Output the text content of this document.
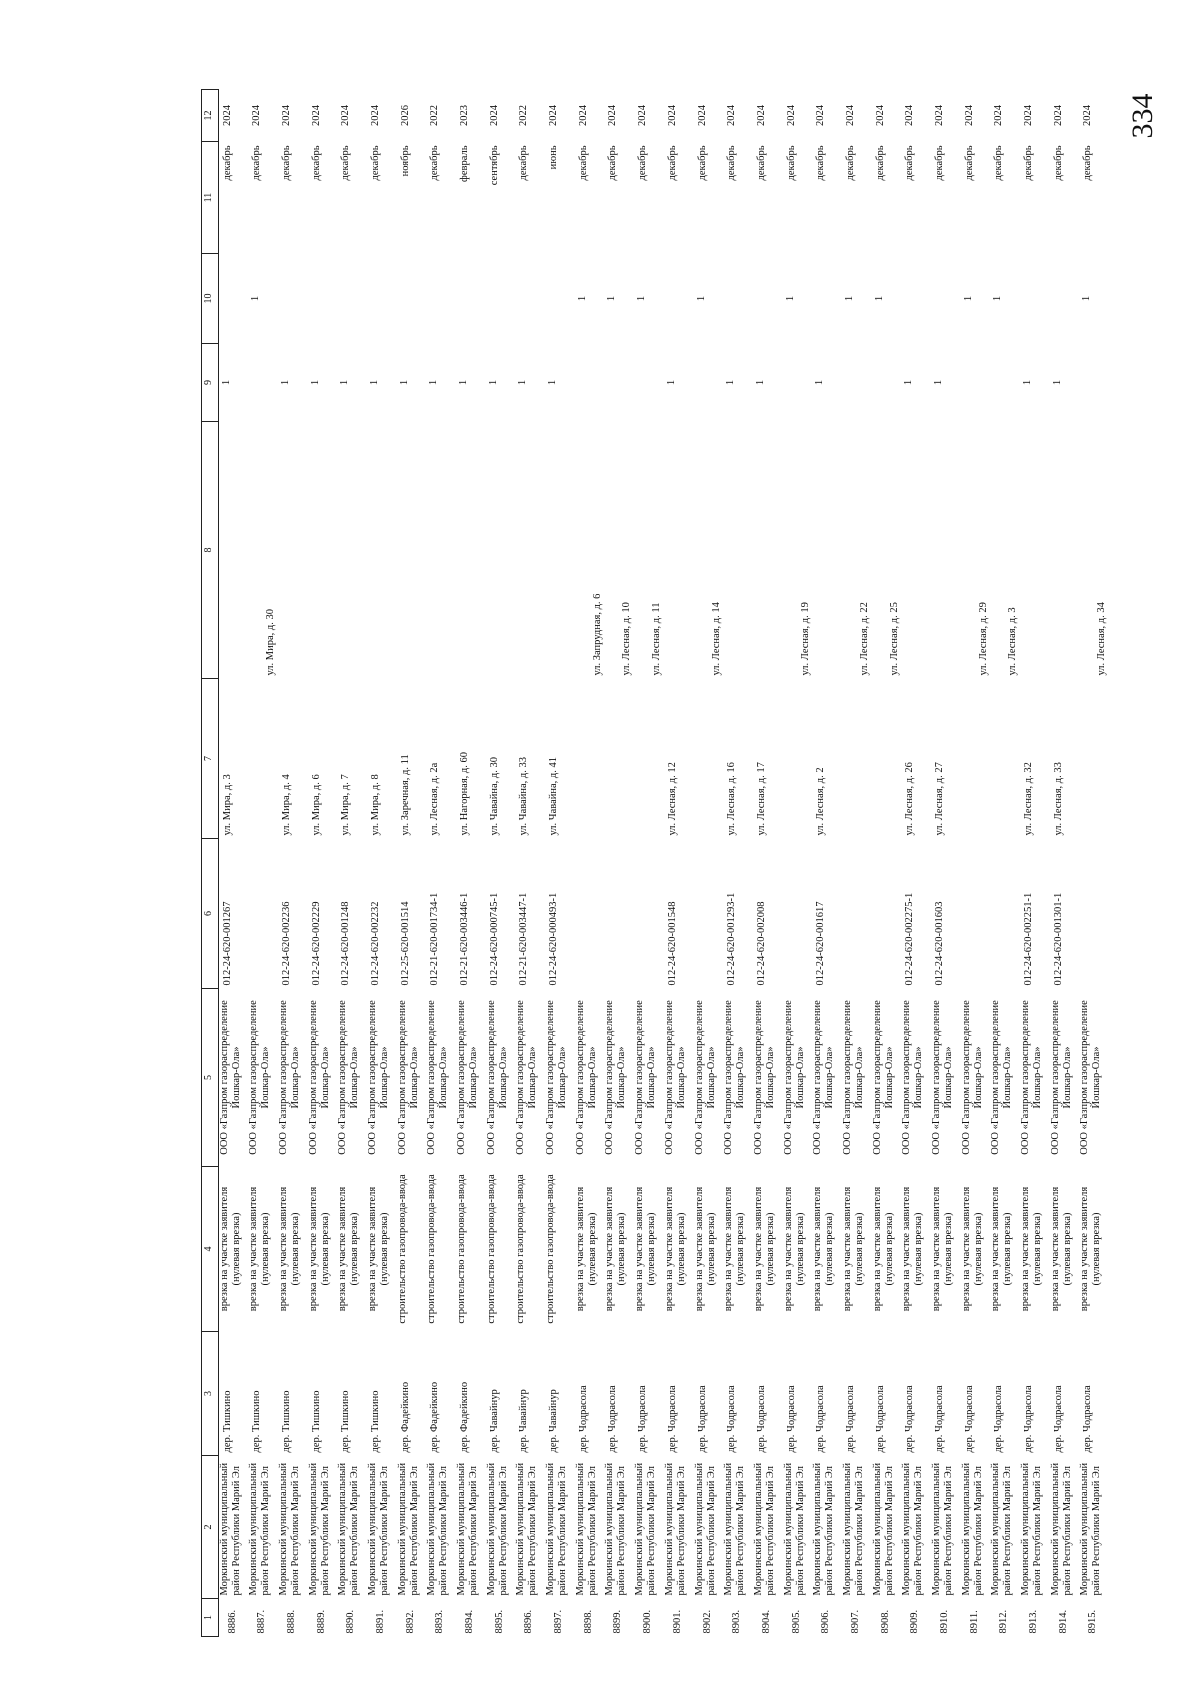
334
1	2	3	4	5	6	7	8	9	10	11	12
8886.	Моркинский муниципальный район Республики Марий Эл	дер. Тишкино	врезка на участке заявителя (нулевая врезка)	ООО «Газпром газораспределение Йошкар-Ола»	012-24-620-001267	ул. Мира, д. 3		1		декабрь	2024
8887.	Моркинский муниципальный район Республики Марий Эл	дер. Тишкино	врезка на участке заявителя (нулевая врезка)	ООО «Газпром газораспределение Йошкар-Ола»			ул. Мира, д. 30		1	декабрь	2024
8888.	Моркинский муниципальный район Республики Марий Эл	дер. Тишкино	врезка на участке заявителя (нулевая врезка)	ООО «Газпром газораспределение Йошкар-Ола»	012-24-620-002236	ул. Мира, д. 4		1		декабрь	2024
8889.	Моркинский муниципальный район Республики Марий Эл	дер. Тишкино	врезка на участке заявителя (нулевая врезка)	ООО «Газпром газораспределение Йошкар-Ола»	012-24-620-002229	ул. Мира, д. 6		1		декабрь	2024
8890.	Моркинский муниципальный район Республики Марий Эл	дер. Тишкино	врезка на участке заявителя (нулевая врезка)	ООО «Газпром газораспределение Йошкар-Ола»	012-24-620-001248	ул. Мира, д. 7		1		декабрь	2024
8891.	Моркинский муниципальный район Республики Марий Эл	дер. Тишкино	врезка на участке заявителя (нулевая врезка)	ООО «Газпром газораспределение Йошкар-Ола»	012-24-620-002232	ул. Мира, д. 8		1		декабрь	2024
8892.	Моркинский муниципальный район Республики Марий Эл	дер. Фадейкино	строительство газопровода-ввода	ООО «Газпром газораспределение Йошкар-Ола»	012-25-620-001514	ул. Заречная, д. 11		1		ноябрь	2026
8893.	Моркинский муниципальный район Республики Марий Эл	дер. Фадейкино	строительство газопровода-ввода	ООО «Газпром газораспределение Йошкар-Ола»	012-21-620-001734-1	ул. Лесная, д. 2а		1		декабрь	2022
8894.	Моркинский муниципальный район Республики Марий Эл	дер. Фадейкино	строительство газопровода-ввода	ООО «Газпром газораспределение Йошкар-Ола»	012-21-620-003446-1	ул. Нагорная, д. 60		1		февраль	2023
8895.	Моркинский муниципальный район Республики Марий Эл	дер. Чавайнур	строительство газопровода-ввода	ООО «Газпром газораспределение Йошкар-Ола»	012-24-620-000745-1	ул. Чавайна, д. 30		1		сентябрь	2024
8896.	Моркинский муниципальный район Республики Марий Эл	дер. Чавайнур	строительство газопровода-ввода	ООО «Газпром газораспределение Йошкар-Ола»	012-21-620-003447-1	ул. Чавайна, д. 33		1		декабрь	2022
8897.	Моркинский муниципальный район Республики Марий Эл	дер. Чавайнур	строительство газопровода-ввода	ООО «Газпром газораспределение Йошкар-Ола»	012-24-620-000493-1	ул. Чавайна, д. 41		1		июнь	2024
8898.	Моркинский муниципальный район Республики Марий Эл	дер. Чодрасола	врезка на участке заявителя (нулевая врезка)	ООО «Газпром газораспределение Йошкар-Ола»			ул. Запрудная, д. 6		1	декабрь	2024
8899.	Моркинский муниципальный район Республики Марий Эл	дер. Чодрасола	врезка на участке заявителя (нулевая врезка)	ООО «Газпром газораспределение Йошкар-Ола»			ул. Лесная, д. 10		1	декабрь	2024
8900.	Моркинский муниципальный район Республики Марий Эл	дер. Чодрасола	врезка на участке заявителя (нулевая врезка)	ООО «Газпром газораспределение Йошкар-Ола»			ул. Лесная, д. 11		1	декабрь	2024
8901.	Моркинский муниципальный район Республики Марий Эл	дер. Чодрасола	врезка на участке заявителя (нулевая врезка)	ООО «Газпром газораспределение Йошкар-Ола»	012-24-620-001548	ул. Лесная, д. 12		1		декабрь	2024
8902.	Моркинский муниципальный район Республики Марий Эл	дер. Чодрасола	врезка на участке заявителя (нулевая врезка)	ООО «Газпром газораспределение Йошкар-Ола»			ул. Лесная, д. 14		1	декабрь	2024
8903.	Моркинский муниципальный район Республики Марий Эл	дер. Чодрасола	врезка на участке заявителя (нулевая врезка)	ООО «Газпром газораспределение Йошкар-Ола»	012-24-620-001293-1	ул. Лесная, д. 16		1		декабрь	2024
8904.	Моркинский муниципальный район Республики Марий Эл	дер. Чодрасола	врезка на участке заявителя (нулевая врезка)	ООО «Газпром газораспределение Йошкар-Ола»	012-24-620-002008	ул. Лесная, д. 17		1		декабрь	2024
8905.	Моркинский муниципальный район Республики Марий Эл	дер. Чодрасола	врезка на участке заявителя (нулевая врезка)	ООО «Газпром газораспределение Йошкар-Ола»			ул. Лесная, д. 19		1	декабрь	2024
8906.	Моркинский муниципальный район Республики Марий Эл	дер. Чодрасола	врезка на участке заявителя (нулевая врезка)	ООО «Газпром газораспределение Йошкар-Ола»	012-24-620-001617	ул. Лесная, д. 2		1		декабрь	2024
8907.	Моркинский муниципальный район Республики Марий Эл	дер. Чодрасола	врезка на участке заявителя (нулевая врезка)	ООО «Газпром газораспределение Йошкар-Ола»			ул. Лесная, д. 22		1	декабрь	2024
8908.	Моркинский муниципальный район Республики Марий Эл	дер. Чодрасола	врезка на участке заявителя (нулевая врезка)	ООО «Газпром газораспределение Йошкар-Ола»			ул. Лесная, д. 25		1	декабрь	2024
8909.	Моркинский муниципальный район Республики Марий Эл	дер. Чодрасола	врезка на участке заявителя (нулевая врезка)	ООО «Газпром газораспределение Йошкар-Ола»	012-24-620-002275-1	ул. Лесная, д. 26		1		декабрь	2024
8910.	Моркинский муниципальный район Республики Марий Эл	дер. Чодрасола	врезка на участке заявителя (нулевая врезка)	ООО «Газпром газораспределение Йошкар-Ола»	012-24-620-001603	ул. Лесная, д. 27		1		декабрь	2024
8911.	Моркинский муниципальный район Республики Марий Эл	дер. Чодрасола	врезка на участке заявителя (нулевая врезка)	ООО «Газпром газораспределение Йошкар-Ола»			ул. Лесная, д. 29		1	декабрь	2024
8912.	Моркинский муниципальный район Республики Марий Эл	дер. Чодрасола	врезка на участке заявителя (нулевая врезка)	ООО «Газпром газораспределение Йошкар-Ола»			ул. Лесная, д. 3		1	декабрь	2024
8913.	Моркинский муниципальный район Республики Марий Эл	дер. Чодрасола	врезка на участке заявителя (нулевая врезка)	ООО «Газпром газораспределение Йошкар-Ола»	012-24-620-002251-1	ул. Лесная, д. 32		1		декабрь	2024
8914.	Моркинский муниципальный район Республики Марий Эл	дер. Чодрасола	врезка на участке заявителя (нулевая врезка)	ООО «Газпром газораспределение Йошкар-Ола»	012-24-620-001301-1	ул. Лесная, д. 33		1		декабрь	2024
8915.	Моркинский муниципальный район Республики Марий Эл	дер. Чодрасола	врезка на участке заявителя (нулевая врезка)	ООО «Газпром газораспределение Йошкар-Ола»			ул. Лесная, д. 34		1	декабрь	2024
